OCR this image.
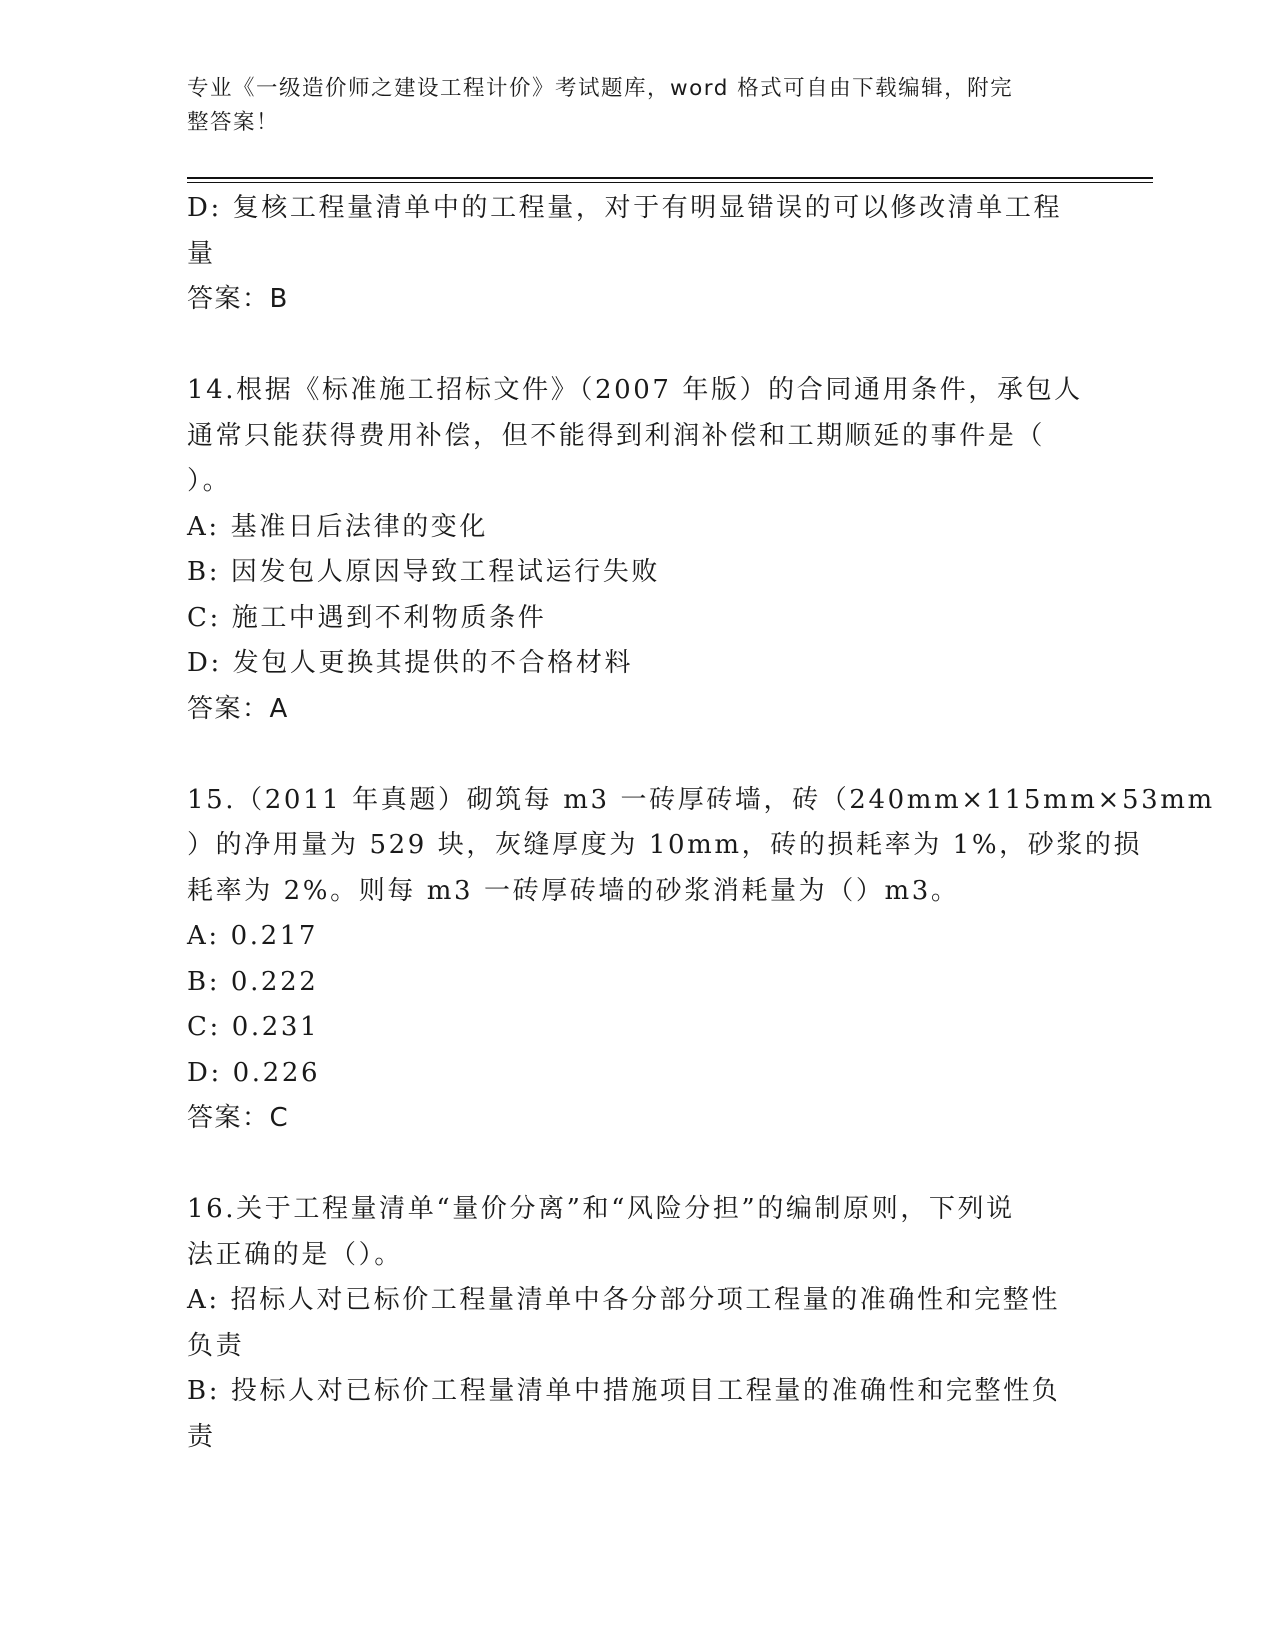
专业《一级造价师之建设工程计价》考试题库，word 格式可自由下载编辑，附完
整答案！
D: 复核工程量清单中的工程量，对于有明显错误的可以修改清单工程
量
答案：B
14.根据《标准施工招标文件》（2007 年版）的合同通用条件，承包人
通常只能获得费用补偿，但不能得到利润补偿和工期顺延的事件是（
）。
A: 基准日后法律的变化
B: 因发包人原因导致工程试运行失败
C: 施工中遇到不利物质条件
D: 发包人更换其提供的不合格材料
答案：A
15.（2011 年真题）砌筑每 m3 一砖厚砖墙，砖（240mm×115mm×53mm
）的净用量为 529 块，灰缝厚度为 10mm，砖的损耗率为 1%，砂浆的损
耗率为 2%。则每 m3 一砖厚砖墙的砂浆消耗量为（）m3。
A: 0.217
B: 0.222
C: 0.231
D: 0.226
答案：C
16.关于工程量清单“量价分离”和“风险分担”的编制原则，下列说
法正确的是（）。
A: 招标人对已标价工程量清单中各分部分项工程量的准确性和完整性
负责
B: 投标人对已标价工程量清单中措施项目工程量的准确性和完整性负
责
